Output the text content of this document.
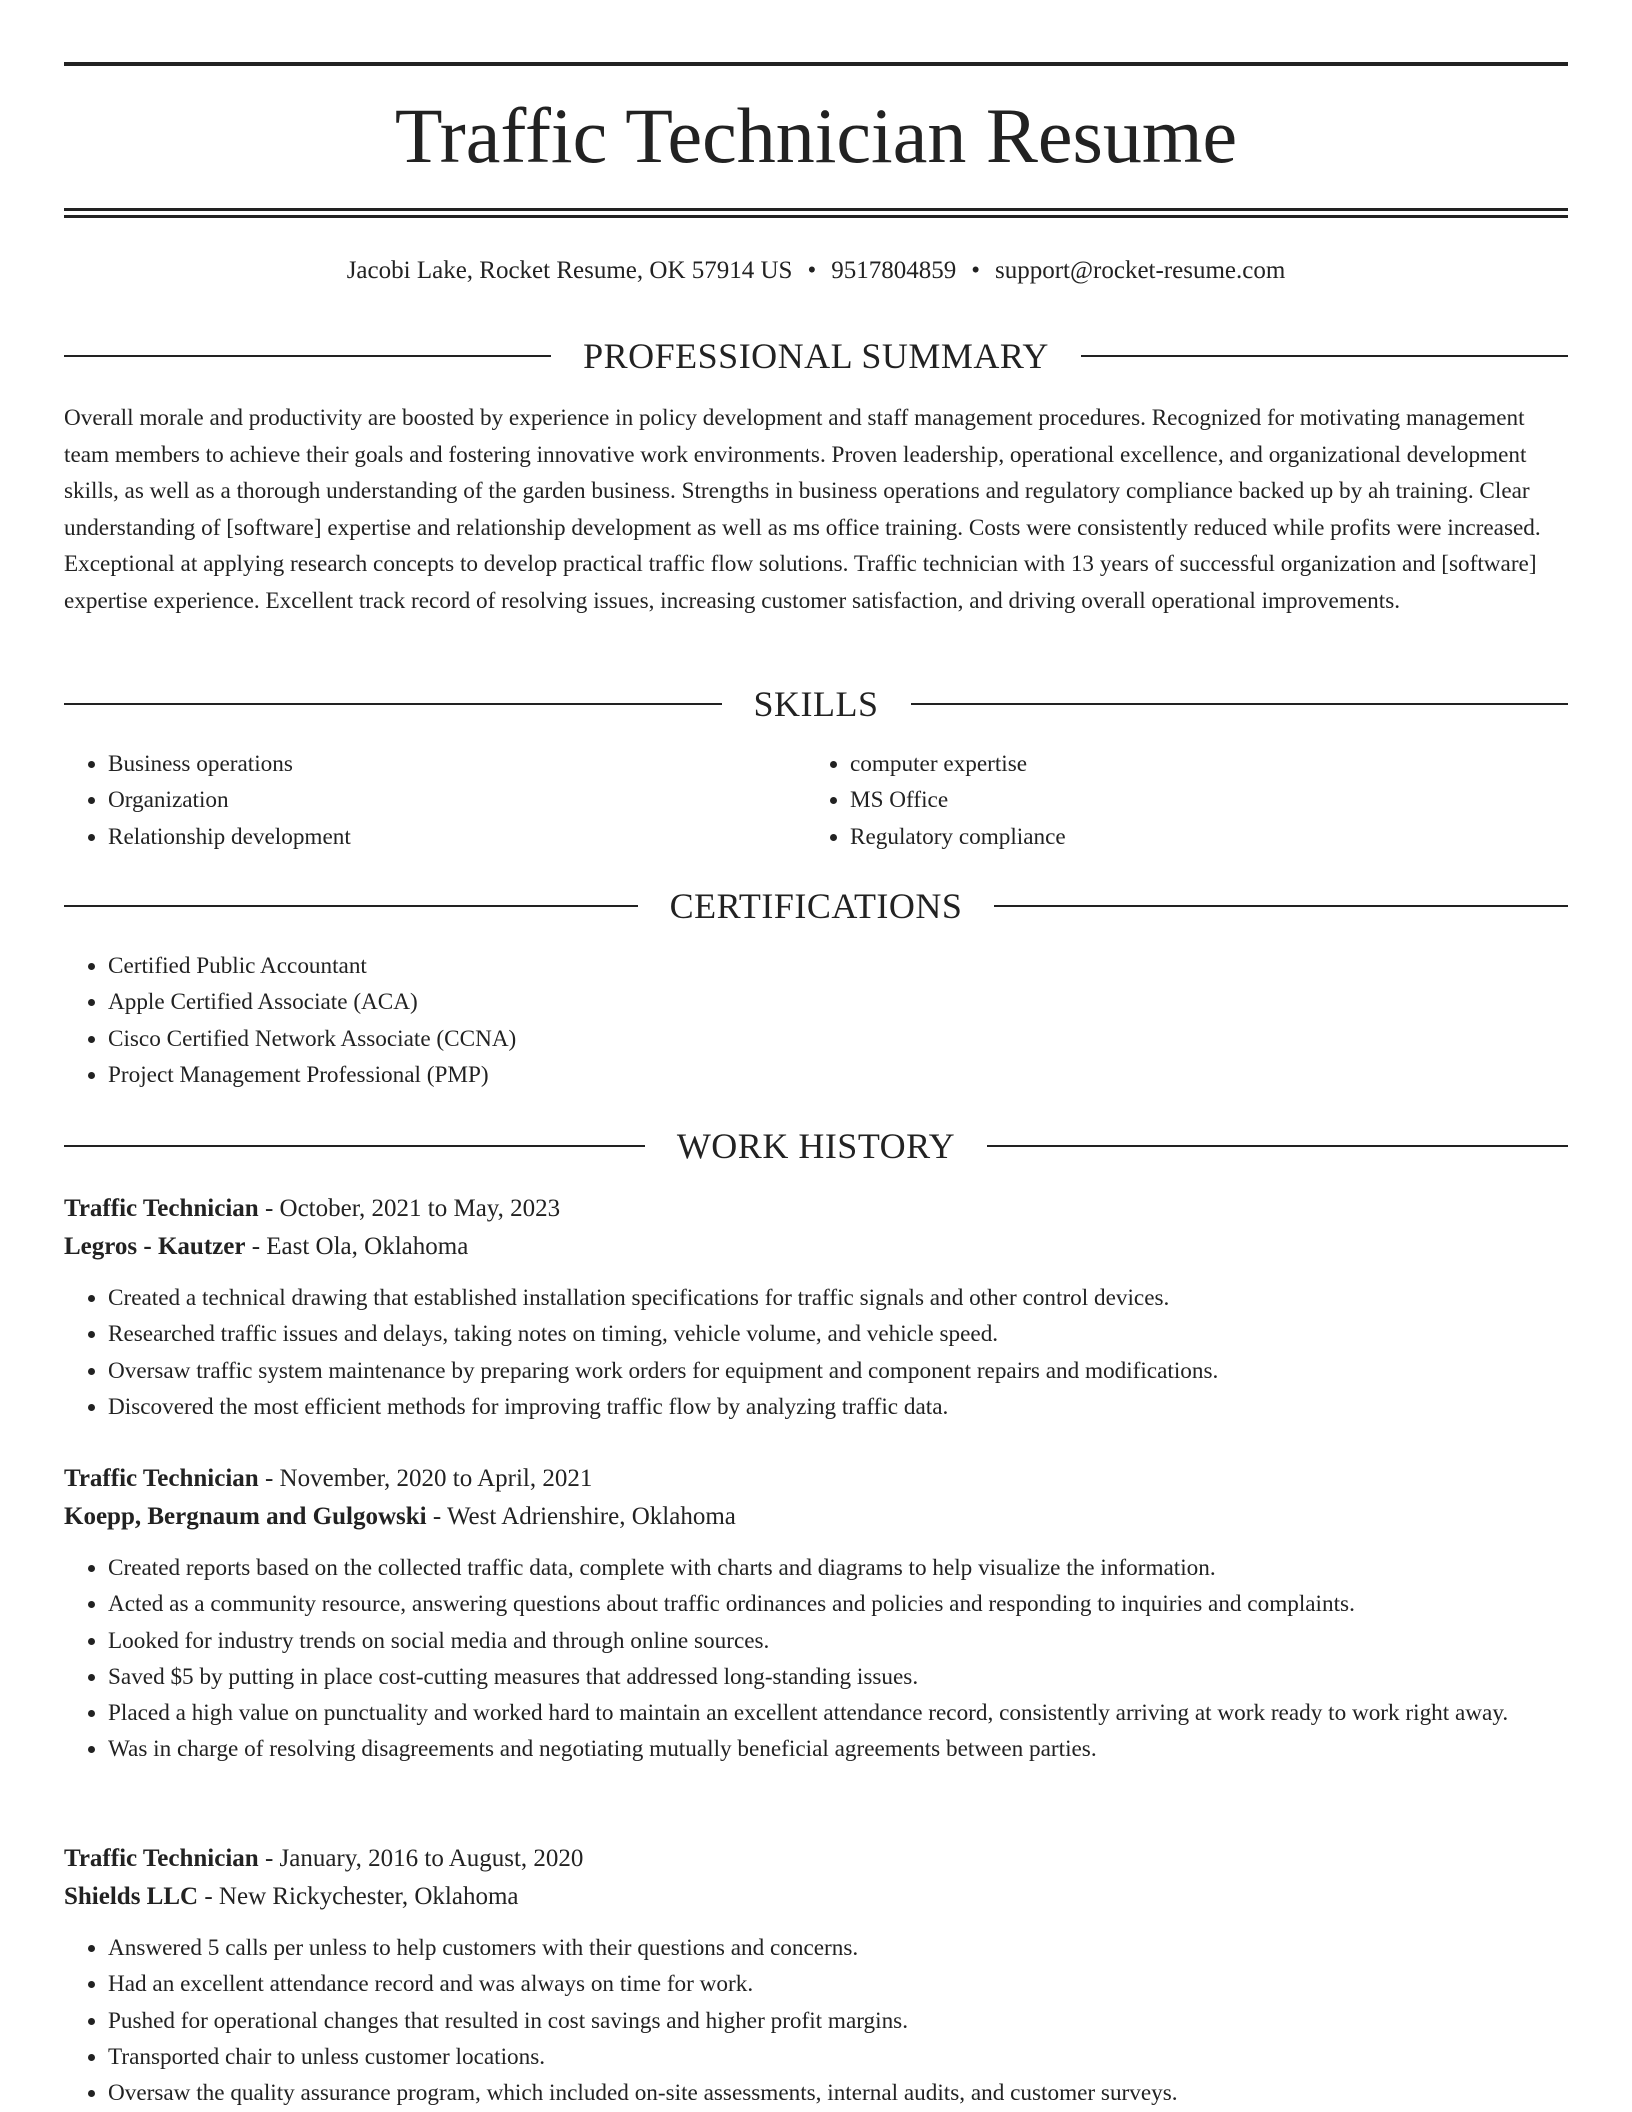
Traffic Technician Resume
Jacobi Lake, Rocket Resume, OK 57914 US • 9517804859 • support@rocket-resume.com
PROFESSIONAL SUMMARY

Overall morale and productivity are boosted by experience in policy development and staff management procedures. Recognized for motivating management team members to achieve their goals and fostering innovative work environments. Proven leadership, operational excellence, and organizational development skills, as well as a thorough understanding of the garden business. Strengths in business operations and regulatory compliance backed up by ah training. Clear understanding of [software] expertise and relationship development as well as ms office training. Costs were consistently reduced while profits were increased. Exceptional at applying research concepts to develop practical traffic flow solutions. Traffic technician with 13 years of successful organization and [software] expertise experience. Excellent track record of resolving issues, increasing customer satisfaction, and driving overall operational improvements.

SKILLS
• Business operations
• Organization
• Relationship development
• computer expertise
• MS Office
• Regulatory compliance
CERTIFICATIONS
• Certified Public Accountant
• Apple Certified Associate (ACA)
• Cisco Certified Network Associate (CCNA)
• Project Management Professional (PMP)
WORK HISTORY

Traffic Technician - October, 2021 to May, 2023

Legros - Kautzer - East Ola, Oklahoma

• Created a technical drawing that established installation specifications for traffic signals and other control devices.
• Researched traffic issues and delays, taking notes on timing, vehicle volume, and vehicle speed.
• Oversaw traffic system maintenance by preparing work orders for equipment and component repairs and modifications.
• Discovered the most efficient methods for improving traffic flow by analyzing traffic data.

Traffic Technician - November, 2020 to April, 2021

Koepp, Bergnaum and Gulgowski - West Adrienshire, Oklahoma

• Created reports based on the collected traffic data, complete with charts and diagrams to help visualize the information.
• Acted as a community resource, answering questions about traffic ordinances and policies and responding to inquiries and complaints.
• Looked for industry trends on social media and through online sources.
• Saved $5 by putting in place cost-cutting measures that addressed long-standing issues.
• Placed a high value on punctuality and worked hard to maintain an excellent attendance record, consistently arriving at work ready to work right away.
• Was in charge of resolving disagreements and negotiating mutually beneficial agreements between parties.

Traffic Technician - January, 2016 to August, 2020

Shields LLC - New Rickychester, Oklahoma

• Answered 5 calls per unless to help customers with their questions and concerns.
• Had an excellent attendance record and was always on time for work.
• Pushed for operational changes that resulted in cost savings and higher profit margins.
• Transported chair to unless customer locations.
• Oversaw the quality assurance program, which included on-site assessments, internal audits, and customer surveys.
